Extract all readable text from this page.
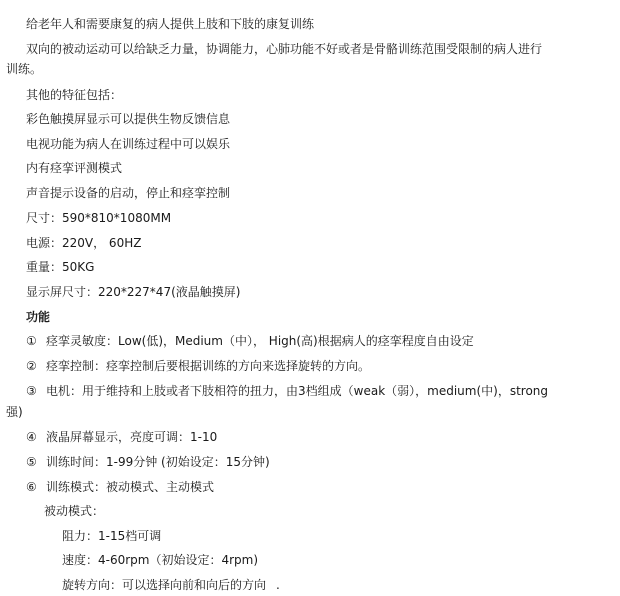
给老年人和需要康复的病人提供上肢和下肢的康复训练
双向的被动运动可以给缺乏力量，协调能力，心肺功能不好或者是骨骼训练范围受限制的病人进行
训练。
其他的特征包括：
彩色触摸屏显示可以提供生物反馈信息
电视功能为病人在训练过程中可以娱乐
内有痉挛评测模式
声音提示设备的启动，停止和痉挛控制
尺寸：590*810*1080MM
电源：220V， 60HZ
重量：50KG
显示屏尺寸：220*227*47(液晶触摸屏)
功能
① 痉挛灵敏度：Low(低)，Medium（中）， High(高)根据病人的痉挛程度自由设定
② 痉挛控制：痉挛控制后要根据训练的方向来选择旋转的方向。
③ 电机：用于维持和上肢或者下肢相符的扭力，由3档组成（weak（弱），medium(中)，strong
强)
④ 液晶屏幕显示，亮度可调：1-10
⑤ 训练时间：1-99分钟 (初始设定：15分钟)
⑥ 训练模式：被动模式、主动模式
被动模式：
阻力：1-15档可调
速度：4-60rpm（初始设定：4rpm)
旋转方向：可以选择向前和向后的方向 .
